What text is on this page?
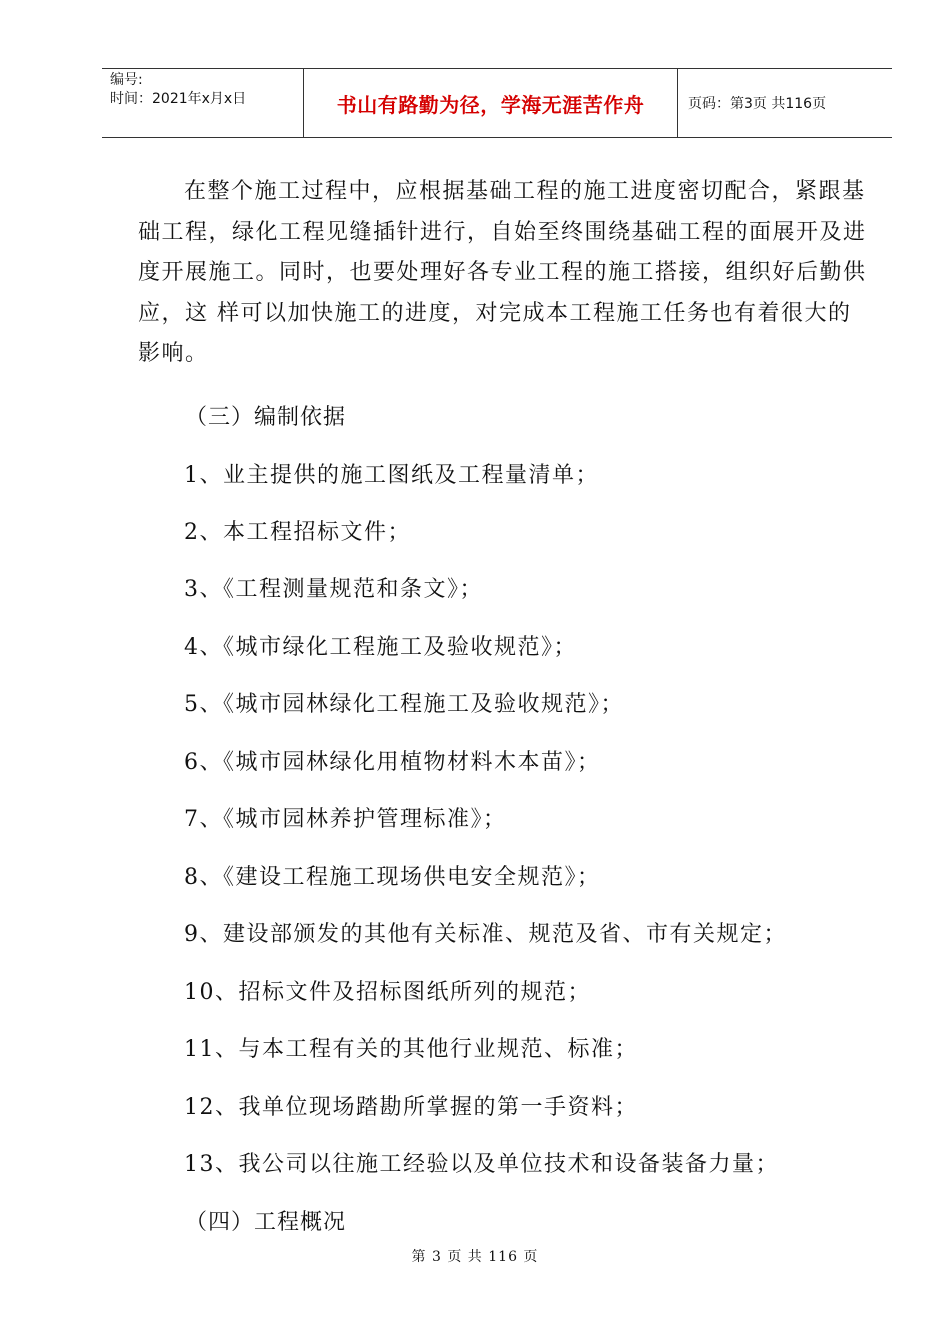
编号:
时间：2021年x月x日	书山有路勤为径，学海无涯苦作舟	页码：第3页 共116页

在整个施工过程中，应根据基础工程的施工进度密切配合，紧跟基础工程，绿化工程见缝插针进行，自始至终围绕基础工程的面展开及进度开展施工。同时，也要处理好各专业工程的施工搭接，组织好后勤供应，这 样可以加快施工的进度，对完成本工程施工任务也有着很大的影响。

（三）编制依据
1、业主提供的施工图纸及工程量清单；
2、本工程招标文件；
3、《工程测量规范和条文》；
4、《城市绿化工程施工及验收规范》；
5、《城市园林绿化工程施工及验收规范》；
6、《城市园林绿化用植物材料木本苗》；
7、《城市园林养护管理标准》；
8、《建设工程施工现场供电安全规范》；
9、建设部颁发的其他有关标准、规范及省、市有关规定；
10、招标文件及招标图纸所列的规范；
11、与本工程有关的其他行业规范、标准；
12、我单位现场踏勘所掌握的第一手资料；
13、我公司以往施工经验以及单位技术和设备装备力量；
（四）工程概况
第 3 页 共 116 页
